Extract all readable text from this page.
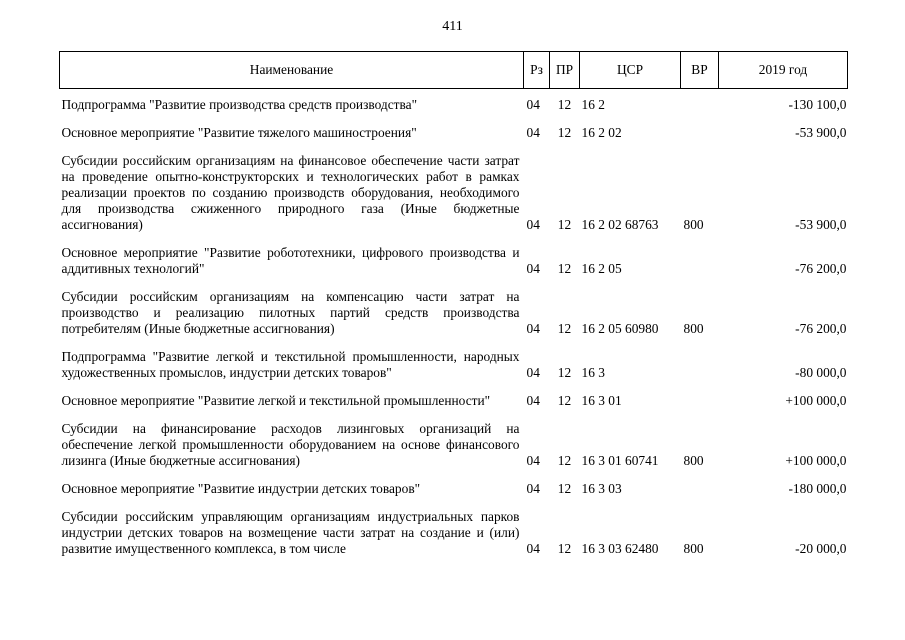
411
Наименование	Рз	ПР	ЦСР	ВР	2019 год

Подпрограмма "Развитие производства средств производства"	04	12	16 2		-130 100,0
Основное мероприятие "Развитие тяжелого машиностроения"	04	12	16 2 02		-53 900,0
Субсидии российским организациям на финансовое обеспечение части затрат на проведение опытно-конструкторских и технологических работ в рамках реализации проектов по созданию производств оборудования, необходимого для производства сжиженного природного газа (Иные бюджетные ассигнования)	04	12	16 2 02 68763	800	-53 900,0
Основное мероприятие "Развитие робототехники, цифрового производства и аддитивных технологий"	04	12	16 2 05		-76 200,0
Субсидии российским организациям на компенсацию части затрат на производство и реализацию пилотных партий средств производства потребителям (Иные бюджетные ассигнования)	04	12	16 2 05 60980	800	-76 200,0
Подпрограмма "Развитие легкой и текстильной промышленности, народных художественных промыслов, индустрии детских товаров"	04	12	16 3		-80 000,0
Основное мероприятие "Развитие легкой и текстильной промышленности"	04	12	16 3 01		+100 000,0
Субсидии на финансирование расходов лизинговых организаций на обеспечение легкой промышленности оборудованием на основе финансового лизинга (Иные бюджетные ассигнования)	04	12	16 3 01 60741	800	+100 000,0
Основное мероприятие "Развитие индустрии детских товаров"	04	12	16 3 03		-180 000,0
Субсидии российским управляющим организациям индустриальных парков индустрии детских товаров на возмещение части затрат на создание и (или) развитие имущественного комплекса, в том числе	04	12	16 3 03 62480	800	-20 000,0
